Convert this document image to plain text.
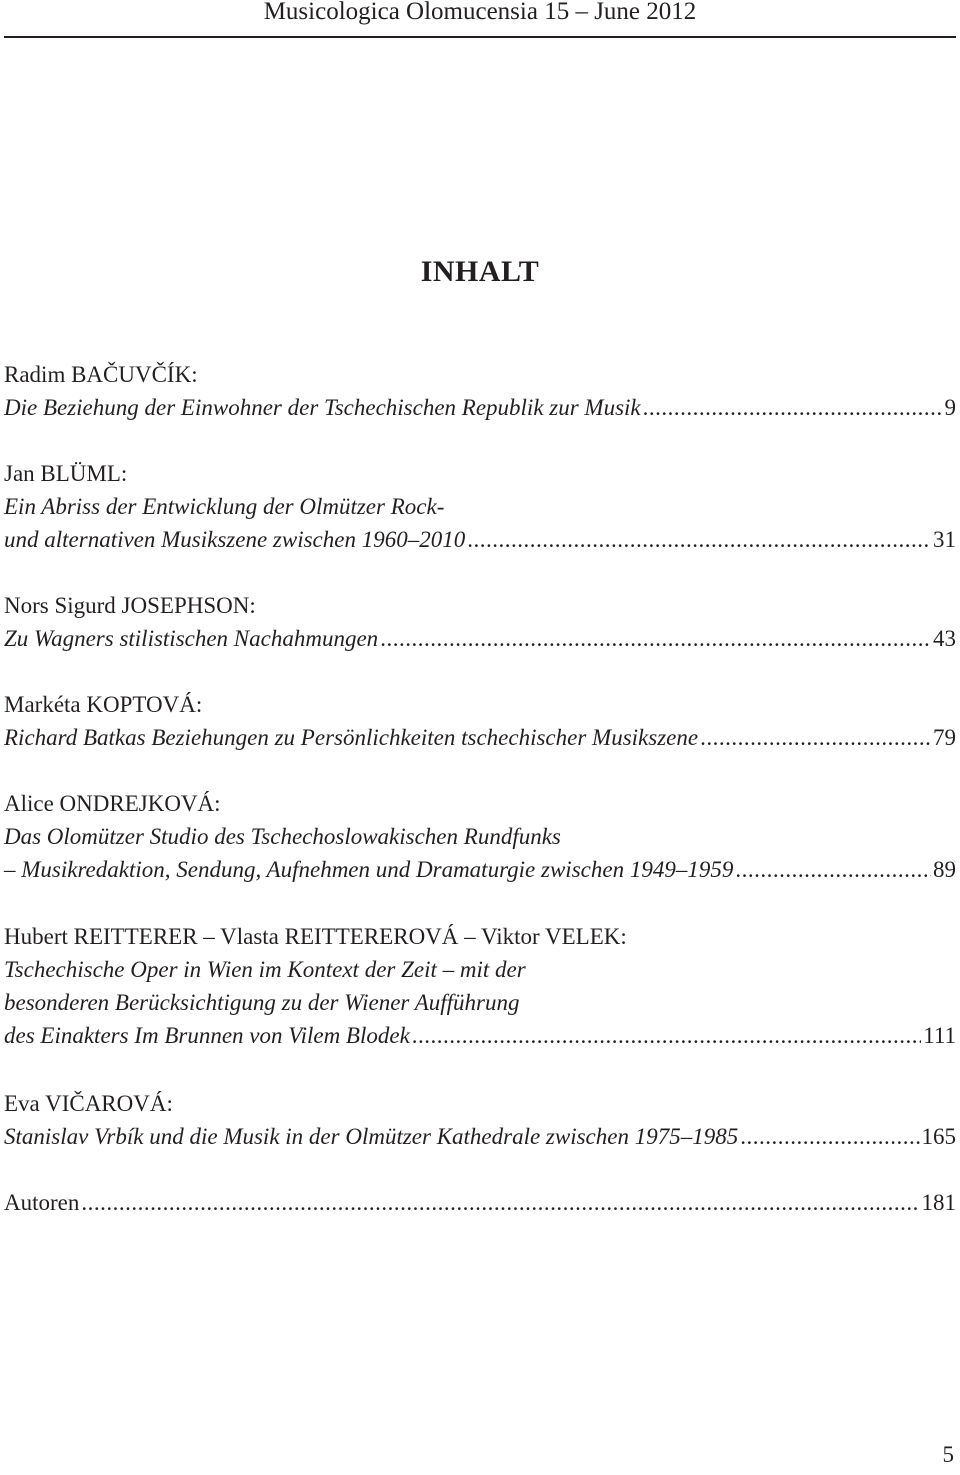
Musicologica Olomucensia 15 – June 2012
INHALT
Radim BAČUVČÍK:
Die Beziehung der Einwohner der Tschechischen Republik zur Musik .....	9
Jan BLÜML:
Ein Abriss der Entwicklung der Olmützer Rock-
und alternativen Musikszene zwischen 1960–2010 .....	31
Nors Sigurd JOSEPHSON:
Zu Wagners stilistischen Nachahmungen .....	43
Markéta KOPTOVÁ:
Richard Batkas Beziehungen zu Persönlichkeiten tschechischer Musikszene .....	79
Alice ONDREJKOVÁ:
Das Olomützer Studio des Tschechoslowakischen Rundfunks
– Musikredaktion, Sendung, Aufnehmen und Dramaturgie zwischen 1949–1959 .....	89
Hubert REITTERER – Vlasta REITTEREROVÁ – Viktor VELEK:
Tschechische Oper in Wien im Kontext der Zeit – mit der
besonderen Berücksichtigung zu der Wiener Aufführung
des Einakters Im Brunnen von Vilem Blodek .....	111
Eva VIČAROVÁ:
Stanislav Vrbík und die Musik in der Olmützer Kathedrale zwischen 1975–1985 .....	165
Autoren .....	181
5
